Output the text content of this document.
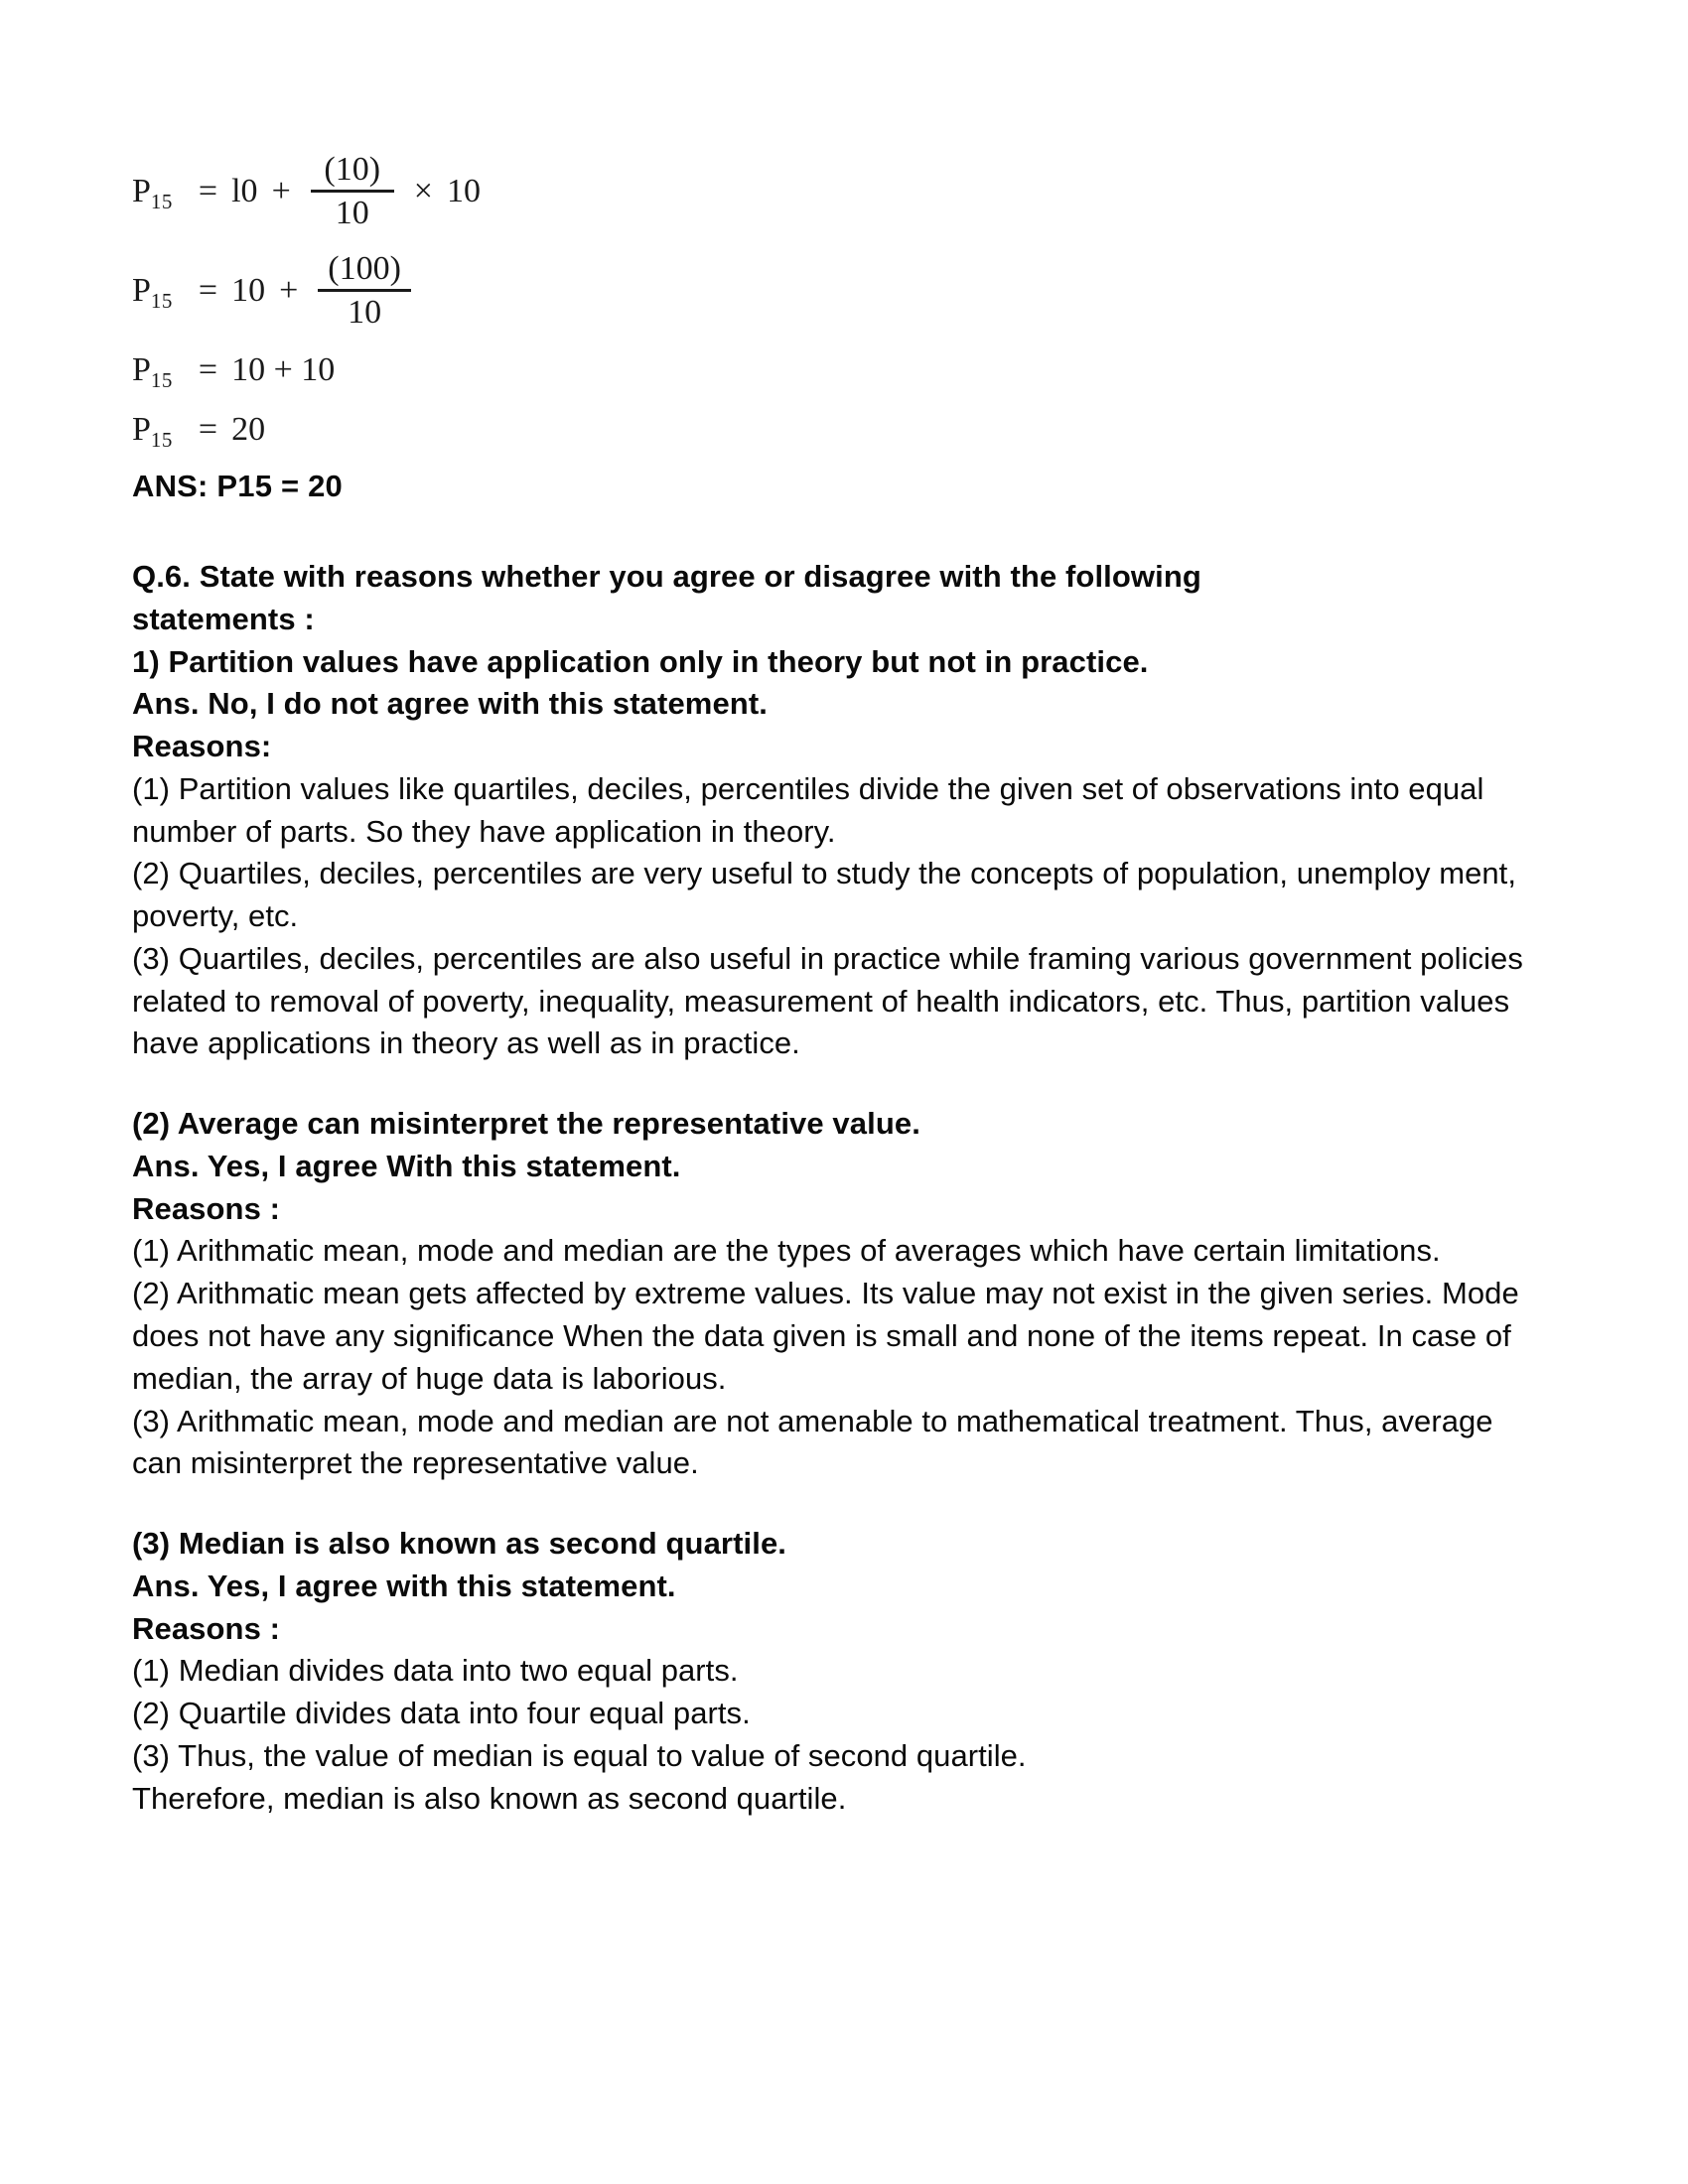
P $15 = l0 + \frac{(10)}{10} \times 10$
P $15 = 10 + \frac{(100)}{10}$
P 15 = 10 + 10
P 15 = 20
ANS: P15 = 20
Q.6. State with reasons whether you agree or disagree with the following
statements :
1) Partition values have application only in theory but not in practice.
Ans. No, I do not agree with this statement.
Reasons:
(1) Partition values like quartiles, deciles, percentiles divide the given set of observations into equal number of parts. So they have application in theory.
(2) Quartiles, deciles, percentiles are very useful to study the concepts of population, unemploy ment, poverty, etc.
(3) Quartiles, deciles, percentiles are also useful in practice while framing various government policies related to removal of poverty, inequality, measurement of health indicators, etc. Thus, partition values have applications in theory as well as in practice.
(2) Average can misinterpret the representative value.
Ans. Yes, I agree With this statement.
Reasons :
(1) Arithmatic mean, mode and median are the types of averages which have certain limitations.
(2) Arithmatic mean gets affected by extreme values. Its value may not exist in the given series. Mode does not have any significance When the data given is small and none of the items repeat. In case of median, the array of huge data is laborious.
(3) Arithmatic mean, mode and median are not amenable to mathematical treatment. Thus, average can misinterpret the representative value.
(3) Median is also known as second quartile.
Ans. Yes, I agree with this statement.
Reasons :
(1) Median divides data into two equal parts.
(2) Quartile divides data into four equal parts.
(3) Thus, the value of median is equal to value of second quartile.
Therefore, median is also known as second quartile.
